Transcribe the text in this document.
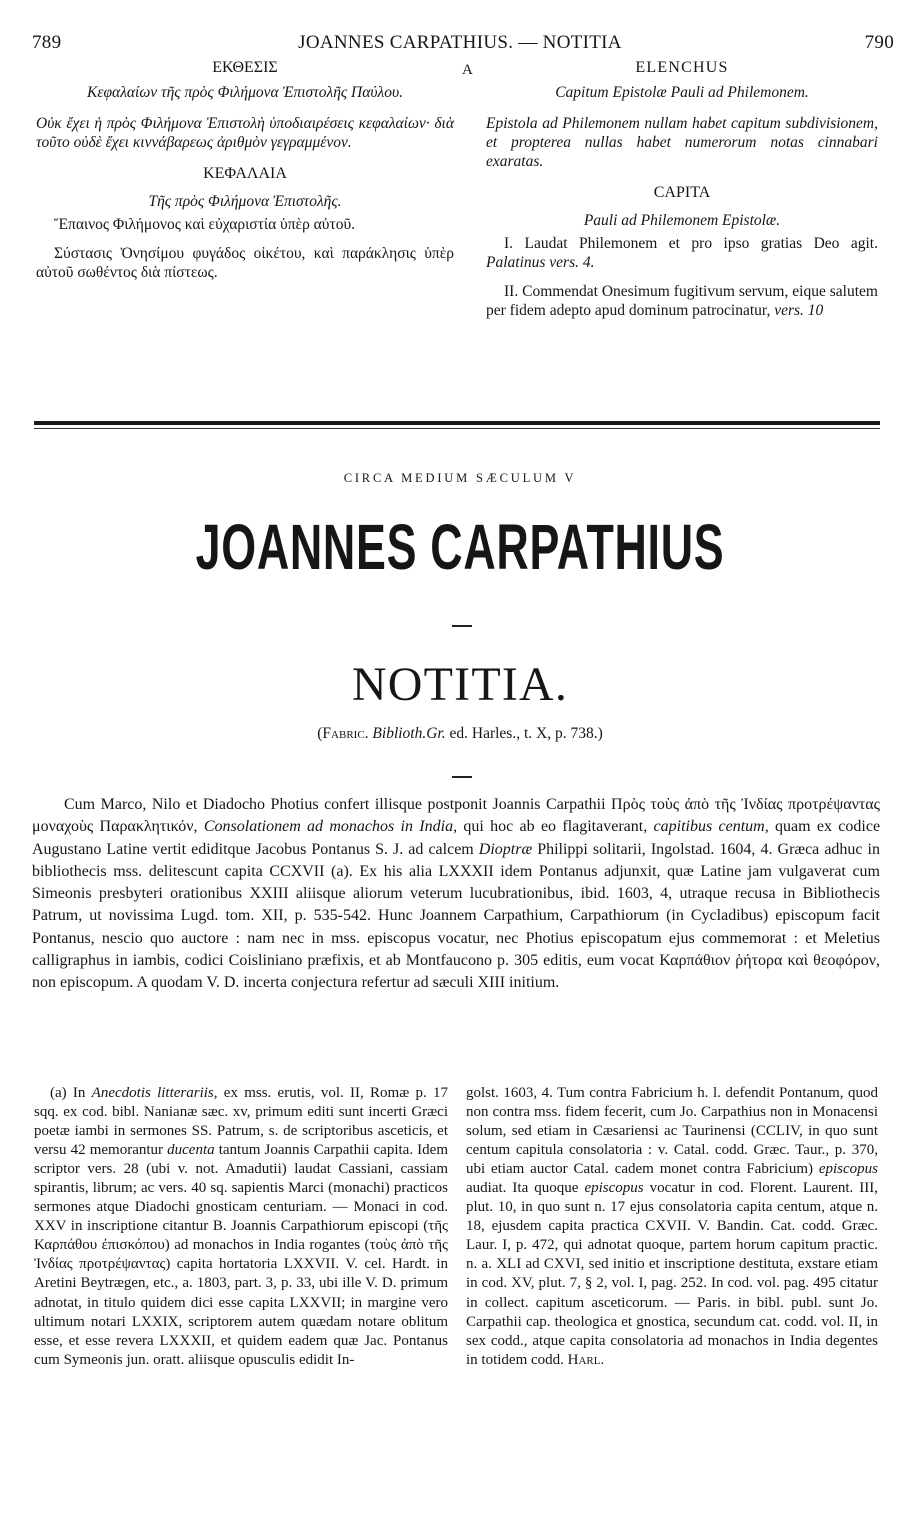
789	JOANNES CARPATHIUS. — NOTITIA	790
A

ΕΚΘΕΣΙΣ

Κεφαλαίων τῆς πρὸς Φιλήμονα Ἐπιστολῆς Παύλου.

Οὐκ ἔχει ἡ πρὸς Φιλήμονα Ἐπιστολὴ ὑποδιαιρέσεις κεφαλαίων· διὰ τοῦτο οὐδὲ ἔχει κιννάβαρεως ἀριθμὸν γεγραμμένον.

ΚΕΦΑΛΑΙΑ

Τῆς πρὸς Φιλήμονα Ἐπιστολῆς.

Ἔπαινος Φιλήμονος καὶ εὐχαριστία ὑπὲρ αὐτοῦ.

Σύστασις Ὀνησίμου φυγάδος οἰκέτου, καὶ παράκλησις ὑπὲρ αὐτοῦ σωθέντος διὰ πίστεως.

ELENCHUS

Capitum Epistolæ Pauli ad Philemonem.

Epistola ad Philemonem nullam habet capitum subdivisionem, et propterea nullas habet numerorum notas cinnabari exaratas.

CAPITA

Pauli ad Philemonem Epistolæ.

I. Laudat Philemonem et pro ipso gratias Deo agit. Palatinus vers. 4.

II. Commendat Onesimum fugitivum servum, eique salutem per fidem adepto apud dominum patrocinatur, vers. 10

CIRCA MEDIUM SÆCULUM V
JOANNES CARPATHIUS
NOTITIA.
(Fabric. Biblioth.Gr. ed. Harles., t. X, p. 738.)
Cum Marco, Nilo et Diadocho Photius confert illisque postponit Joannis Carpathii Πρὸς τοὺς ἀπὸ τῆς Ἰνδίας προτρέψαντας μοναχοὺς Παρακλητικόν, Consolationem ad monachos in India, qui hoc ab eo flagitaverant, capitibus centum, quam ex codice Augustano Latine vertit ediditque Jacobus Pontanus S. J. ad calcem Dioptræ Philippi solitarii, Ingolstad. 1604, 4. Græca adhuc in bibliothecis mss. delitescunt capita CCXVII (a). Ex his alia LXXXII idem Pontanus adjunxit, quæ Latine jam vulgaverat cum Simeonis presbyteri orationibus XXIII aliisque aliorum veterum lucubrationibus, ibid. 1603, 4, utraque recusa in Bibliothecis Patrum, ut novissima Lugd. tom. XII, p. 535-542. Hunc Joannem Carpathium, Carpathiorum (in Cycladibus) episcopum facit Pontanus, nescio quo auctore : nam nec in mss. episcopus vocatur, nec Photius episcopatum ejus commemorat : et Meletius calligraphus in iambis, codici Coisliniano præfixis, et ab Montfaucono p. 305 editis, eum vocat Καρπάθιον ῥήτορα καὶ θεοφόρον, non episcopum. A quodam V. D. incerta conjectura refertur ad sæculi XIII initium.
(a) In Anecdotis litterariis, ex mss. erutis, vol. II, Romæ p. 17 sqq. ex cod. bibl. Nanianæ sæc. xv, primum editi sunt incerti Græci poetæ iambi in sermones SS. Patrum, s. de scriptoribus asceticis, et versu 42 memorantur ducenta tantum Joannis Carpathii capita. Idem scriptor vers. 28 (ubi v. not. Amadutii) laudat Cassiani, cassiam spirantis, librum; ac vers. 40 sq. sapientis Marci (monachi) practicos sermones atque Diadochi gnosticam centuriam. — Monaci in cod. XXV in inscriptione citantur B. Joannis Carpathiorum episcopi (τῆς Καρπάθου ἐπισκόπου) ad monachos in India rogantes (τοὺς ἀπὸ τῆς Ἰνδίας προτρέψαντας) capita hortatoria LXXVII. V. cel. Hardt. in Aretini Beytrægen, etc., a. 1803, part. 3, p. 33, ubi ille V. D. primum adnotat, in titulo quidem dici esse capita LXXVII; in margine vero ultimum notari LXXIX, scriptorem autem quædam notare oblitum esse, et esse revera LXXXII, et quidem eadem quæ Jac. Pontanus cum Symeonis jun. oratt. aliisque opusculis edidit In-
golst. 1603, 4. Tum contra Fabricium h. l. defendit Pontanum, quod non contra mss. fidem fecerit, cum Jo. Carpathius non in Monacensi solum, sed etiam in Cæsariensi ac Taurinensi (CCLIV, in quo sunt centum capitula consolatoria : v. Catal. codd. Græc. Taur., p. 370, ubi etiam auctor Catal. cadem monet contra Fabricium) episcopus audiat. Ita quoque episcopus vocatur in cod. Florent. Laurent. III, plut. 10, in quo sunt n. 17 ejus consolatoria capita centum, atque n. 18, ejusdem capita practica CXVII. V. Bandin. Cat. codd. Græc. Laur. I, p. 472, qui adnotat quoque, partem horum capitum practic. n. a. XLI ad CXVI, sed initio et inscriptione destituta, exstare etiam in cod. XV, plut. 7, § 2, vol. I, pag. 252. In cod. vol. pag. 495 citatur in collect. capitum asceticorum. — Paris. in bibl. publ. sunt Jo. Carpathii cap. theologica et gnostica, secundum cat. codd. vol. II, in sex codd., atque capita consolatoria ad monachos in India degentes in totidem codd. Harl.
